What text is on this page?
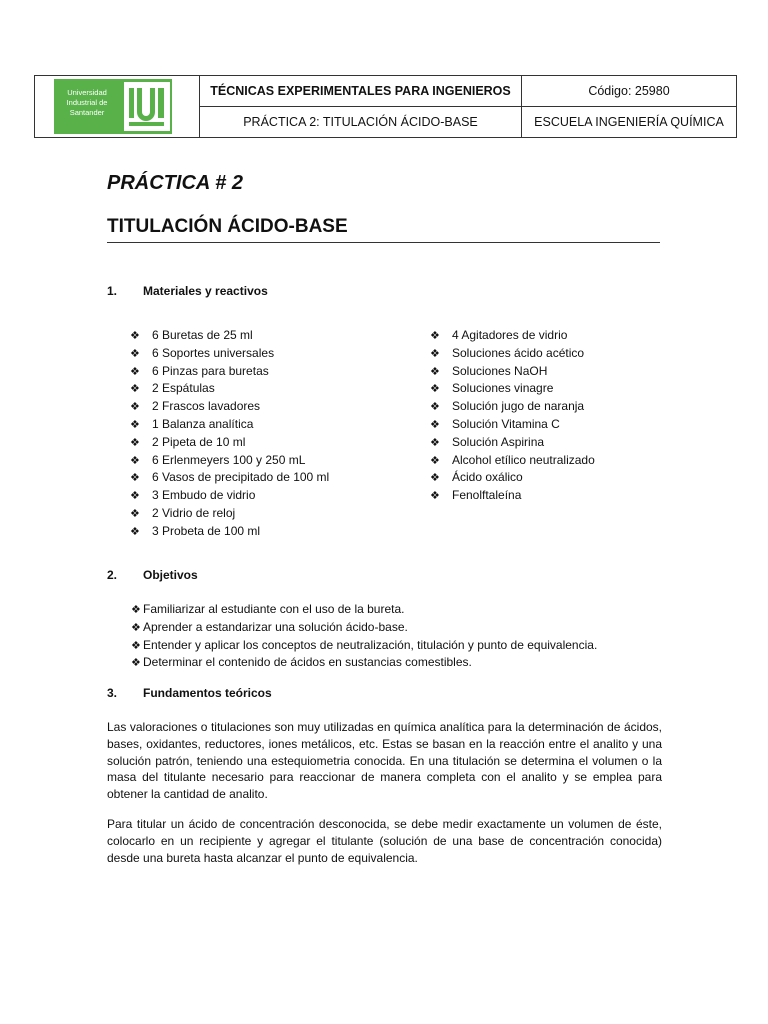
Universidad
Industrial de
Santander
TÉCNICAS EXPERIMENTALES PARA INGENIEROS	Código: 25980
PRÁCTICA 2: TITULACIÓN ÁCIDO-BASE	ESCUELA INGENIERÍA QUÍMICA
PRÁCTICA # 2
TITULACIÓN ÁCIDO-BASE
1. Materiales y reactivos
❖ 6 Buretas de 25 ml
❖ 6 Soportes universales
❖ 6 Pinzas para buretas
❖ 2 Espátulas
❖ 2 Frascos lavadores
❖ 1 Balanza analítica
❖ 2 Pipeta de 10 ml
❖ 6 Erlenmeyers 100 y 250 mL
❖ 6 Vasos de precipitado de 100 ml
❖ 3 Embudo de vidrio
❖ 2 Vidrio de reloj
❖ 3 Probeta de 100 ml
❖ 4 Agitadores de vidrio
❖ Soluciones ácido acético
❖ Soluciones NaOH
❖ Soluciones vinagre
❖ Solución jugo de naranja
❖ Solución Vitamina C
❖ Solución Aspirina
❖ Alcohol etílico neutralizado
❖ Ácido oxálico
❖ Fenolftaleína
2. Objetivos
❖ Familiarizar al estudiante con el uso de la bureta.
❖ Aprender a estandarizar una solución ácido-base.
❖ Entender y aplicar los conceptos de neutralización, titulación y punto de equivalencia.
❖ Determinar el contenido de ácidos en sustancias comestibles.
3. Fundamentos teóricos

Las valoraciones o titulaciones son muy utilizadas en química analítica para la determinación de ácidos, bases, oxidantes, reductores, iones metálicos, etc. Estas se basan en la reacción entre el analito y una solución patrón, teniendo una estequiometria conocida. En una titulación se determina el volumen o la masa del titulante necesario para reaccionar de manera completa con el analito y se emplea para obtener la cantidad de analito.

Para titular un ácido de concentración desconocida, se debe medir exactamente un volumen de éste, colocarlo en un recipiente y agregar el titulante (solución de una base de concentración conocida) desde una bureta hasta alcanzar el punto de equivalencia.
